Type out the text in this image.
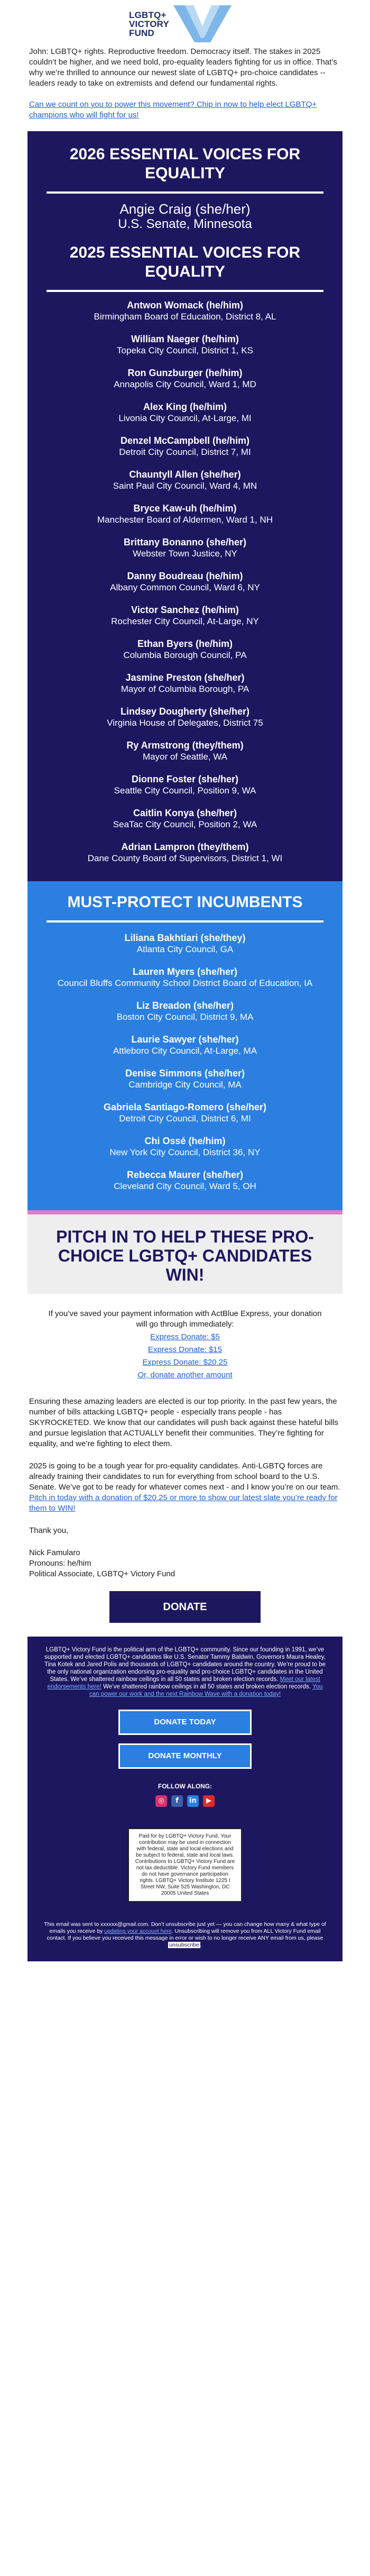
LGBTQ+
VICTORY
FUND

John: LGBTQ+ rights. Reproductive freedom. Democracy itself. The stakes in 2025 couldn’t be higher, and we need bold, pro-equality leaders fighting for us in office. That’s why we’re thrilled to announce our newest slate of LGBTQ+ pro-choice candidates -- leaders ready to take on extremists and defend our fundamental rights.

Can we count on you to power this movement? Chip in now to help elect LGBTQ+ champions who will fight for us!

2026 ESSENTIAL VOICES FOR EQUALITY
Angie Craig (she/her)
U.S. Senate, Minnesota
2025 ESSENTIAL VOICES FOR EQUALITY
Antwon Womack (he/him)
Birmingham Board of Education, District 8, AL
William Naeger (he/him)
Topeka City Council, District 1, KS
Ron Gunzburger (he/him)
Annapolis City Council, Ward 1, MD
Alex King (he/him)
Livonia City Council, At-Large, MI
Denzel McCampbell (he/him)
Detroit City Council, District 7, MI
Chauntyll Allen (she/her)
Saint Paul City Council, Ward 4, MN
Bryce Kaw-uh (he/him)
Manchester Board of Aldermen, Ward 1, NH
Brittany Bonanno (she/her)
Webster Town Justice, NY
Danny Boudreau (he/him)
Albany Common Council, Ward 6, NY
Victor Sanchez (he/him)
Rochester City Council, At-Large, NY
Ethan Byers (he/him)
Columbia Borough Council, PA
Jasmine Preston (she/her)
Mayor of Columbia Borough, PA
Lindsey Dougherty (she/her)
Virginia House of Delegates, District 75
Ry Armstrong (they/them)
Mayor of Seattle, WA
Dionne Foster (she/her)
Seattle City Council, Position 9, WA
Caitlin Konya (she/her)
SeaTac City Council, Position 2, WA
Adrian Lampron (they/them)
Dane County Board of Supervisors, District 1, WI
MUST-PROTECT INCUMBENTS
Liliana Bakhtiari (she/they)
Atlanta City Council, GA
Lauren Myers (she/her)
Council Bluffs Community School District Board of Education, IA
Liz Breadon (she/her)
Boston City Council, District 9, MA
Laurie Sawyer (she/her)
Attleboro City Council, At-Large, MA
Denise Simmons (she/her)
Cambridge City Council, MA
Gabriela Santiago-Romero (she/her)
Detroit City Council, District 6, MI
Chi Ossé (he/him)
New York City Council, District 36, NY
Rebecca Maurer (she/her)
Cleveland City Council, Ward 5, OH
PITCH IN TO HELP THESE PRO-CHOICE LGBTQ+ CANDIDATES WIN!

If you’ve saved your payment information with ActBlue Express, your donation will go through immediately:

Express Donate: $5

Express Donate: $15

Express Donate: $20.25

Or, donate another amount

Ensuring these amazing leaders are elected is our top priority. In the past few years, the number of bills attacking LGBTQ+ people - especially trans people - has SKYROCKETED. We know that our candidates will push back against these hateful bills and pursue legislation that ACTUALLY benefit their communities. They’re fighting for equality, and we’re fighting to elect them.

2025 is going to be a tough year for pro-equality candidates. Anti-LGBTQ forces are already training their candidates to run for everything from school board to the U.S. Senate. We’ve got to be ready for whatever comes next - and I know you’re on our team. Pitch in today with a donation of $20.25 or more to show our latest slate you’re ready for them to WIN!

Thank you,

Nick Famularo
Pronouns: he/him
Political Associate, LGBTQ+ Victory Fund

DONATE
LGBTQ+ Victory Fund is the political arm of the LGBTQ+ community. Since our founding in 1991, we’ve supported and elected LGBTQ+ candidates like U.S. Senator Tammy Baldwin, Governors Maura Healey, Tina Kotek and Jared Polis and thousands of LGBTQ+ candidates around the country. We’re proud to be the only national organization endorsing pro-equality and pro-choice LGBTQ+ candidates in the United States. We’ve shattered rainbow ceilings in all 50 states and broken election records. Meet our latest endorsements here! We’ve shattered rainbow ceilings in all 50 states and broken election records. You can power our work and the next Rainbow Wave with a donation today!
DONATE TODAY
DONATE MONTHLY
FOLLOW ALONG:
◎	f	in	▶
Paid for by LGBTQ+ Victory Fund. Your contribution may be used in connection with federal, state and local elections and be subject to federal, state and local laws. Contributions to LGBTQ+ Victory Fund are not tax deductible. Victory Fund members do not have governance participation rights. LGBTQ+ Victory Institute 1225 I Street NW, Suite 525 Washington, DC 20005 United States
This email was sent to xxxxxx@gmail.com. Don’t unsubscribe just yet — you can change how many & what type of emails you receive by updating your account here. Unsubscribing will remove you from ALL Victory Fund email contact. If you believe you received this message in error or wish to no longer receive ANY email from us, please unsubscribe .
